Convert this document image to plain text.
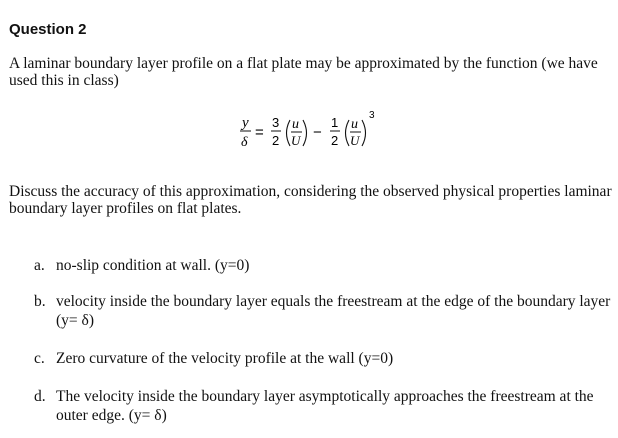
Question 2
A laminar boundary layer profile on a flat plate may be approximated by the function (we have used this in class)
y
δ
=
3
2
u
U −
1
2
u
U
3
Discuss the accuracy of this approximation, considering the observed physical properties laminar boundary layer profiles on flat plates.
a. no-slip condition at wall. (y=0)
b. velocity inside the boundary layer equals the freestream at the edge of the boundary layer (y= δ)
c. Zero curvature of the velocity profile at the wall (y=0)
d. The velocity inside the boundary layer asymptotically approaches the freestream at the outer edge. (y= δ)
